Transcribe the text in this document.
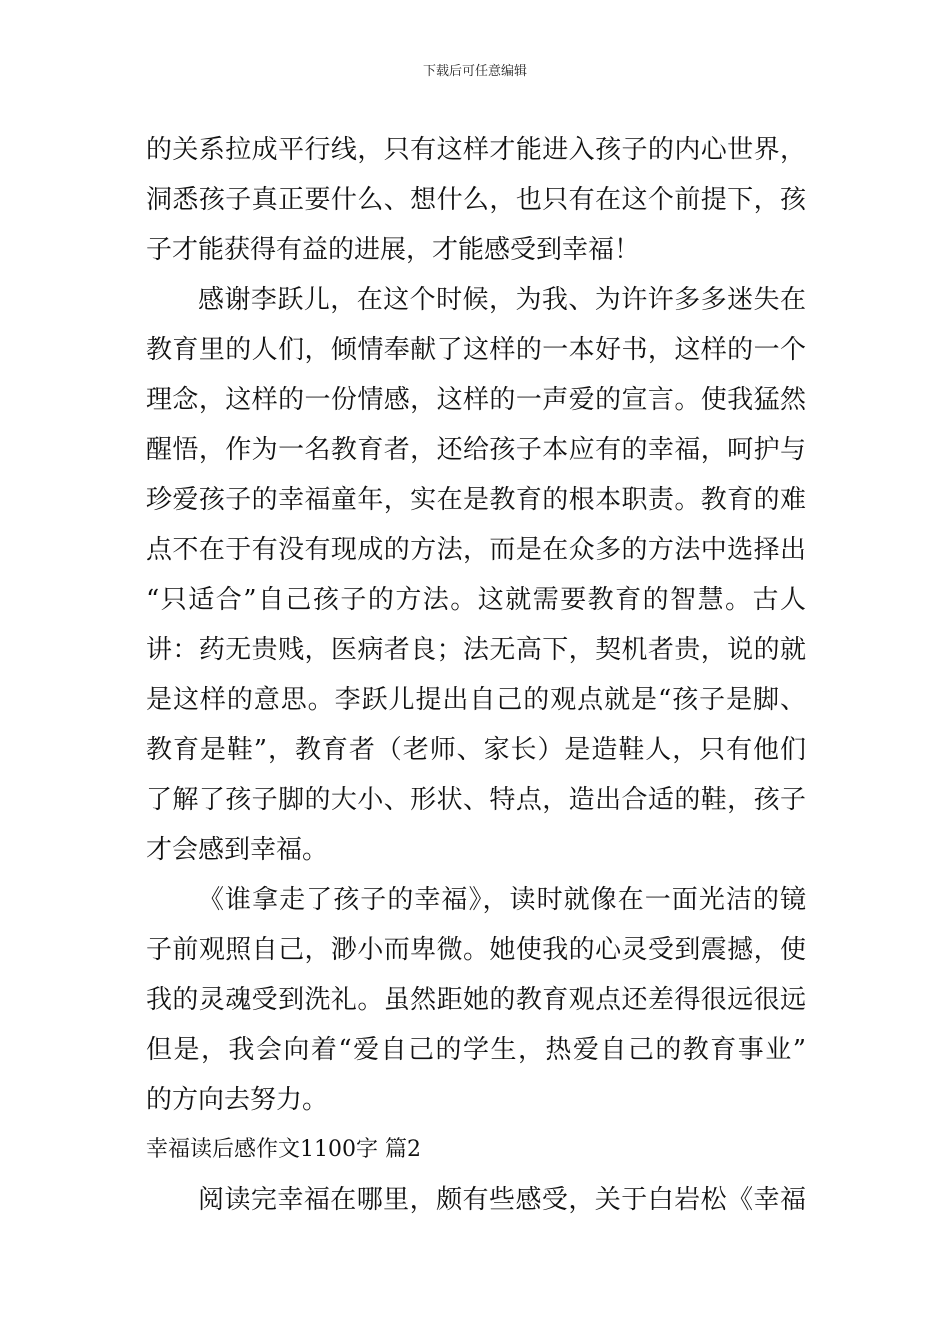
下载后可任意编辑
的关系拉成平行线，只有这样才能进入孩子的内心世界，
洞悉孩子真正要什么、想什么，也只有在这个前提下，孩
子才能获得有益的进展，才能感受到幸福！
感谢李跃儿，在这个时候，为我、为许许多多迷失在
教育里的人们，倾情奉献了这样的一本好书，这样的一个
理念，这样的一份情感，这样的一声爱的宣言。使我猛然
醒悟，作为一名教育者，还给孩子本应有的幸福，呵护与
珍爱孩子的幸福童年，实在是教育的根本职责。教育的难
点不在于有没有现成的方法，而是在众多的方法中选择出
“只适合”自己孩子的方法。这就需要教育的智慧。古人
讲：药无贵贱，医病者良；法无高下，契机者贵，说的就
是这样的意思。李跃儿提出自己的观点就是“孩子是脚、
教育是鞋”，教育者（老师、家长）是造鞋人，只有他们
了解了孩子脚的大小、形状、特点，造出合适的鞋，孩子
才会感到幸福。
《谁拿走了孩子的幸福》，读时就像在一面光洁的镜
子前观照自己，渺小而卑微。她使我的心灵受到震撼，使
我的灵魂受到洗礼。虽然距她的教育观点还差得很远很远
但是，我会向着“爱自己的学生，热爱自己的教育事业”
的方向去努力。
幸福读后感作文1100字 篇2
阅读完幸福在哪里，颇有些感受，关于白岩松《幸福
